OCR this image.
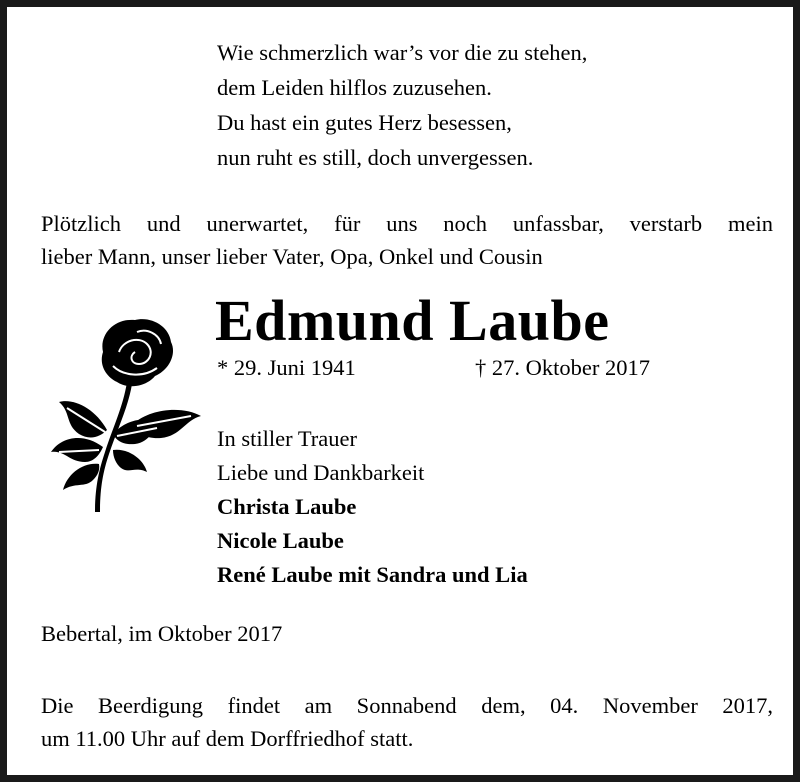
Wie schmerzlich war’s vor die zu stehen,
dem Leiden hilflos zuzusehen.
Du hast ein gutes Herz besessen,
nun ruht es still, doch unvergessen.
Plötzlich und unerwartet, für uns noch unfassbar, verstarb mein
lieber Mann, unser lieber Vater, Opa, Onkel und Cousin
Edmund Laube
* 29. Juni 1941	† 27. Oktober 2017
In stiller Trauer
Liebe und Dankbarkeit
Christa Laube
Nicole Laube
René Laube mit Sandra und Lia
Bebertal, im Oktober 2017
Die Beerdigung findet am Sonnabend dem, 04. November 2017,
um 11.00 Uhr auf dem Dorffriedhof statt.
